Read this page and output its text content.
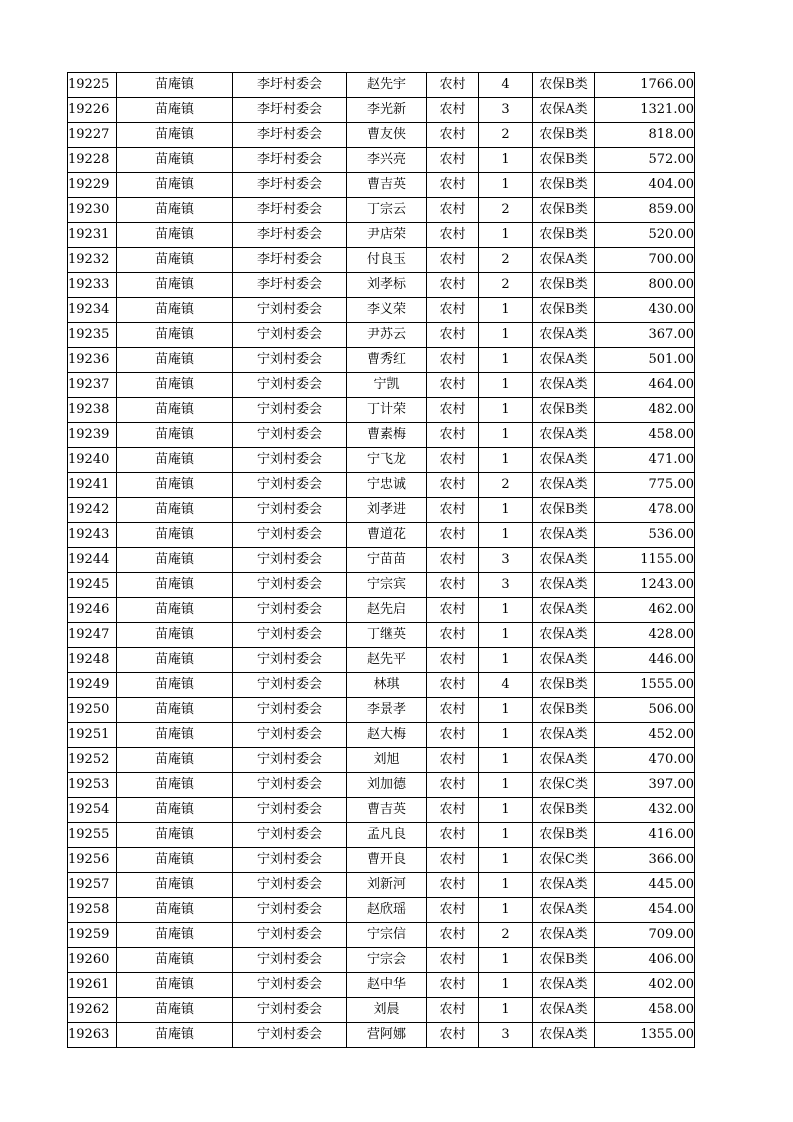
19225	苗庵镇	李圩村委会	赵先宇	农村	4	农保B类	1766.00
19226	苗庵镇	李圩村委会	李光新	农村	3	农保A类	1321.00
19227	苗庵镇	李圩村委会	曹友侠	农村	2	农保B类	818.00
19228	苗庵镇	李圩村委会	李兴亮	农村	1	农保B类	572.00
19229	苗庵镇	李圩村委会	曹吉英	农村	1	农保B类	404.00
19230	苗庵镇	李圩村委会	丁宗云	农村	2	农保B类	859.00
19231	苗庵镇	李圩村委会	尹店荣	农村	1	农保B类	520.00
19232	苗庵镇	李圩村委会	付良玉	农村	2	农保A类	700.00
19233	苗庵镇	李圩村委会	刘孝标	农村	2	农保B类	800.00
19234	苗庵镇	宁刘村委会	李义荣	农村	1	农保B类	430.00
19235	苗庵镇	宁刘村委会	尹苏云	农村	1	农保A类	367.00
19236	苗庵镇	宁刘村委会	曹秀红	农村	1	农保A类	501.00
19237	苗庵镇	宁刘村委会	宁凯	农村	1	农保A类	464.00
19238	苗庵镇	宁刘村委会	丁计荣	农村	1	农保B类	482.00
19239	苗庵镇	宁刘村委会	曹素梅	农村	1	农保A类	458.00
19240	苗庵镇	宁刘村委会	宁飞龙	农村	1	农保A类	471.00
19241	苗庵镇	宁刘村委会	宁忠诚	农村	2	农保A类	775.00
19242	苗庵镇	宁刘村委会	刘孝进	农村	1	农保B类	478.00
19243	苗庵镇	宁刘村委会	曹道花	农村	1	农保A类	536.00
19244	苗庵镇	宁刘村委会	宁苗苗	农村	3	农保A类	1155.00
19245	苗庵镇	宁刘村委会	宁宗宾	农村	3	农保A类	1243.00
19246	苗庵镇	宁刘村委会	赵先启	农村	1	农保A类	462.00
19247	苗庵镇	宁刘村委会	丁继英	农村	1	农保A类	428.00
19248	苗庵镇	宁刘村委会	赵先平	农村	1	农保A类	446.00
19249	苗庵镇	宁刘村委会	林琪	农村	4	农保B类	1555.00
19250	苗庵镇	宁刘村委会	李景孝	农村	1	农保B类	506.00
19251	苗庵镇	宁刘村委会	赵大梅	农村	1	农保A类	452.00
19252	苗庵镇	宁刘村委会	刘旭	农村	1	农保A类	470.00
19253	苗庵镇	宁刘村委会	刘加德	农村	1	农保C类	397.00
19254	苗庵镇	宁刘村委会	曹吉英	农村	1	农保B类	432.00
19255	苗庵镇	宁刘村委会	孟凡良	农村	1	农保B类	416.00
19256	苗庵镇	宁刘村委会	曹开良	农村	1	农保C类	366.00
19257	苗庵镇	宁刘村委会	刘新河	农村	1	农保A类	445.00
19258	苗庵镇	宁刘村委会	赵欣瑶	农村	1	农保A类	454.00
19259	苗庵镇	宁刘村委会	宁宗信	农村	2	农保A类	709.00
19260	苗庵镇	宁刘村委会	宁宗会	农村	1	农保B类	406.00
19261	苗庵镇	宁刘村委会	赵中华	农村	1	农保A类	402.00
19262	苗庵镇	宁刘村委会	刘晨	农村	1	农保A类	458.00
19263	苗庵镇	宁刘村委会	营阿娜	农村	3	农保A类	1355.00
